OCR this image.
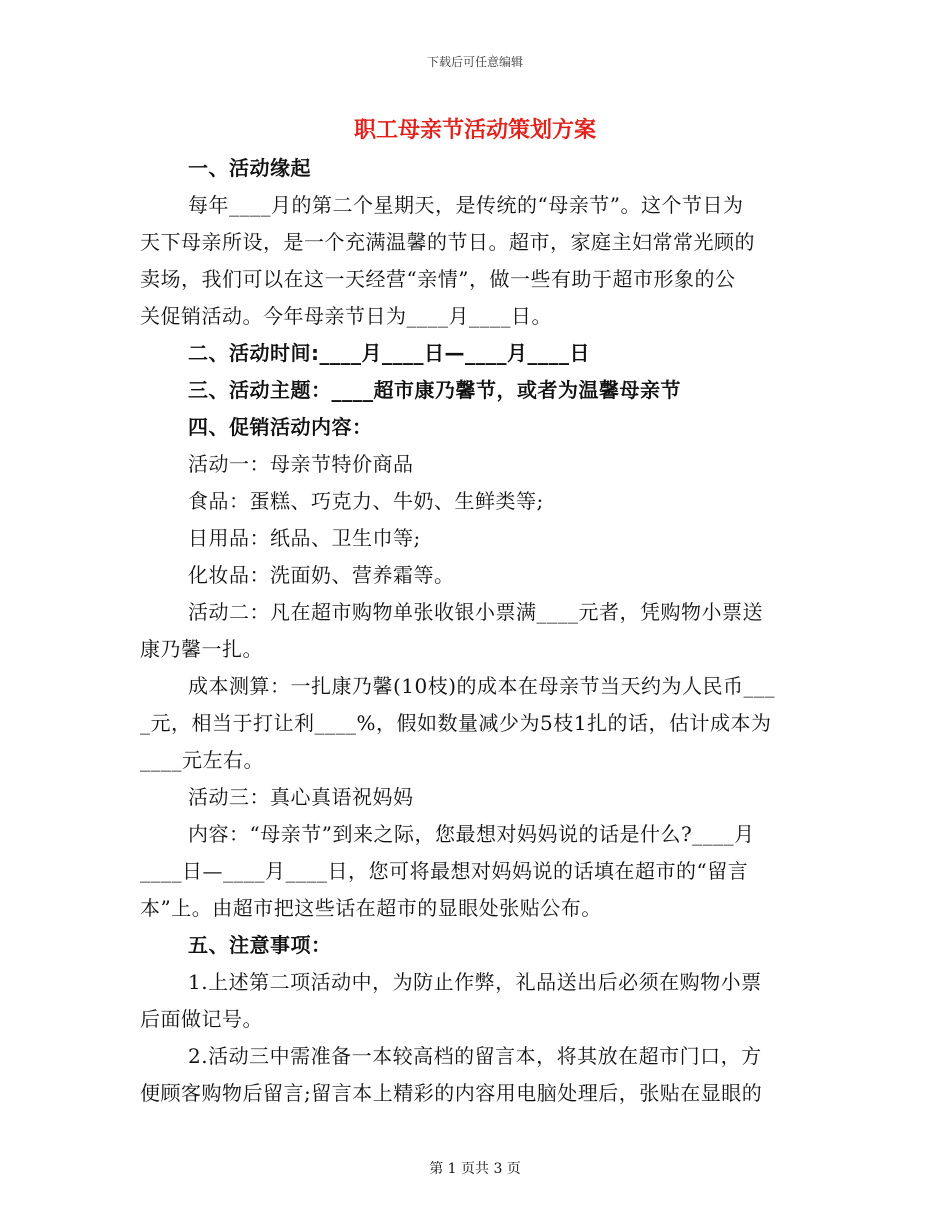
下载后可任意编辑
职工母亲节活动策划方案
一、活动缘起
每年____月的第二个星期天，是传统的“母亲节”。这个节日为
天下母亲所设，是一个充满温馨的节日。超市，家庭主妇常常光顾的
卖场，我们可以在这一天经营“亲情”，做一些有助于超市形象的公
关促销活动。今年母亲节日为____月____日。
二、活动时间:____月____日—____月____日
三、活动主题：____超市康乃馨节，或者为温馨母亲节
四、促销活动内容：
活动一：母亲节特价商品
食品：蛋糕、巧克力、牛奶、生鲜类等;
日用品：纸品、卫生巾等;
化妆品：洗面奶、营养霜等。
活动二：凡在超市购物单张收银小票满____元者，凭购物小票送
康乃馨一扎。
成本测算：一扎康乃馨(10枝)的成本在母亲节当天约为人民币___
_元，相当于打让利____%，假如数量减少为5枝1扎的话，估计成本为
____元左右。
活动三：真心真语祝妈妈
内容：“母亲节”到来之际，您最想对妈妈说的话是什么?____月
____日—____月____日，您可将最想对妈妈说的话填在超市的“留言
本”上。由超市把这些话在超市的显眼处张贴公布。
五、注意事项：
1.上述第二项活动中，为防止作弊，礼品送出后必须在购物小票
后面做记号。
2.活动三中需准备一本较高档的留言本，将其放在超市门口，方
便顾客购物后留言;留言本上精彩的内容用电脑处理后，张贴在显眼的
第 1 页共 3 页
